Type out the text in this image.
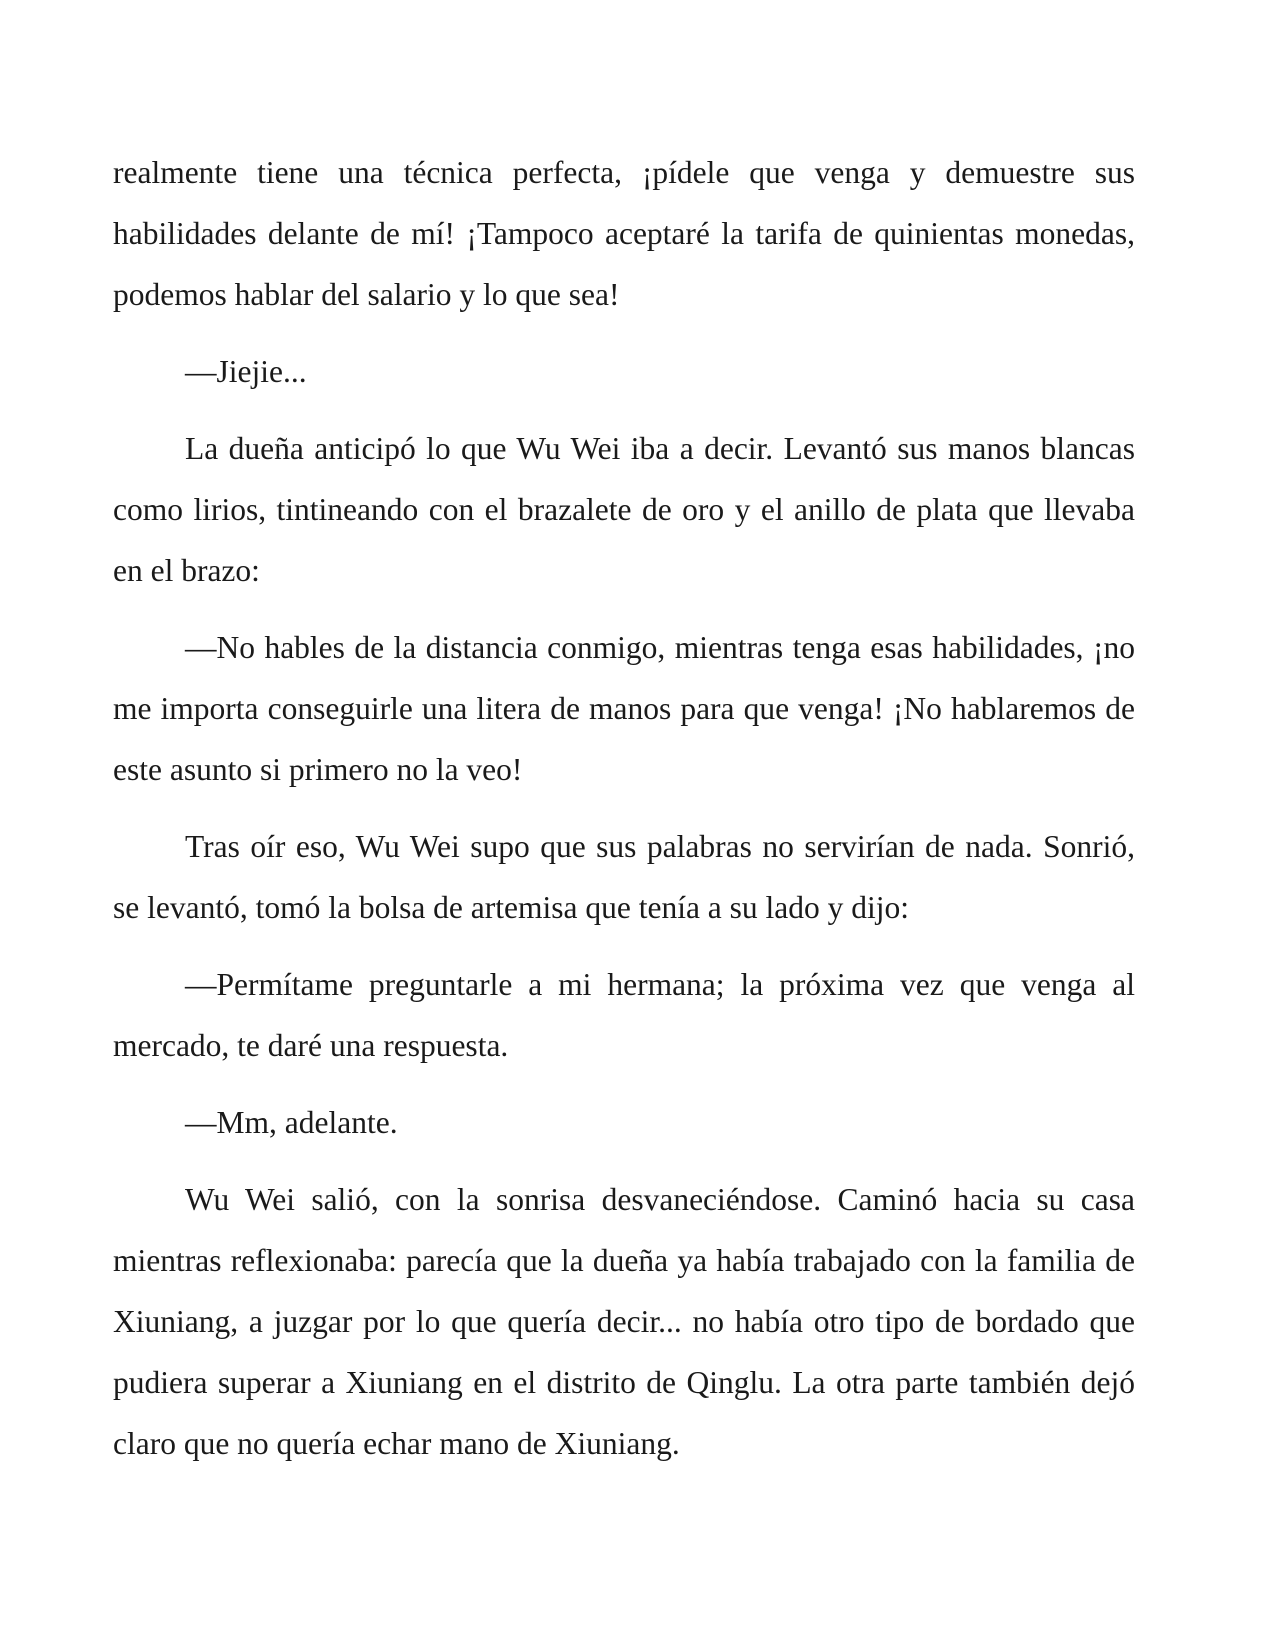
realmente tiene una técnica perfecta, ¡pídele que venga y demuestre sus habilidades delante de mí! ¡Tampoco aceptaré la tarifa de quinientas monedas, podemos hablar del salario y lo que sea!

—Jiejie...

La dueña anticipó lo que Wu Wei iba a decir. Levantó sus manos blancas como lirios, tintineando con el brazalete de oro y el anillo de plata que llevaba en el brazo:

—No hables de la distancia conmigo, mientras tenga esas habilidades, ¡no me importa conseguirle una litera de manos para que venga! ¡No hablaremos de este asunto si primero no la veo!

Tras oír eso, Wu Wei supo que sus palabras no servirían de nada. Sonrió, se levantó, tomó la bolsa de artemisa que tenía a su lado y dijo:

—Permítame preguntarle a mi hermana; la próxima vez que venga al mercado, te daré una respuesta.

—Mm, adelante.

Wu Wei salió, con la sonrisa desvaneciéndose. Caminó hacia su casa mientras reflexionaba: parecía que la dueña ya había trabajado con la familia de Xiuniang, a juzgar por lo que quería decir... no había otro tipo de bordado que pudiera superar a Xiuniang en el distrito de Qinglu. La otra parte también dejó claro que no quería echar mano de Xiuniang.
